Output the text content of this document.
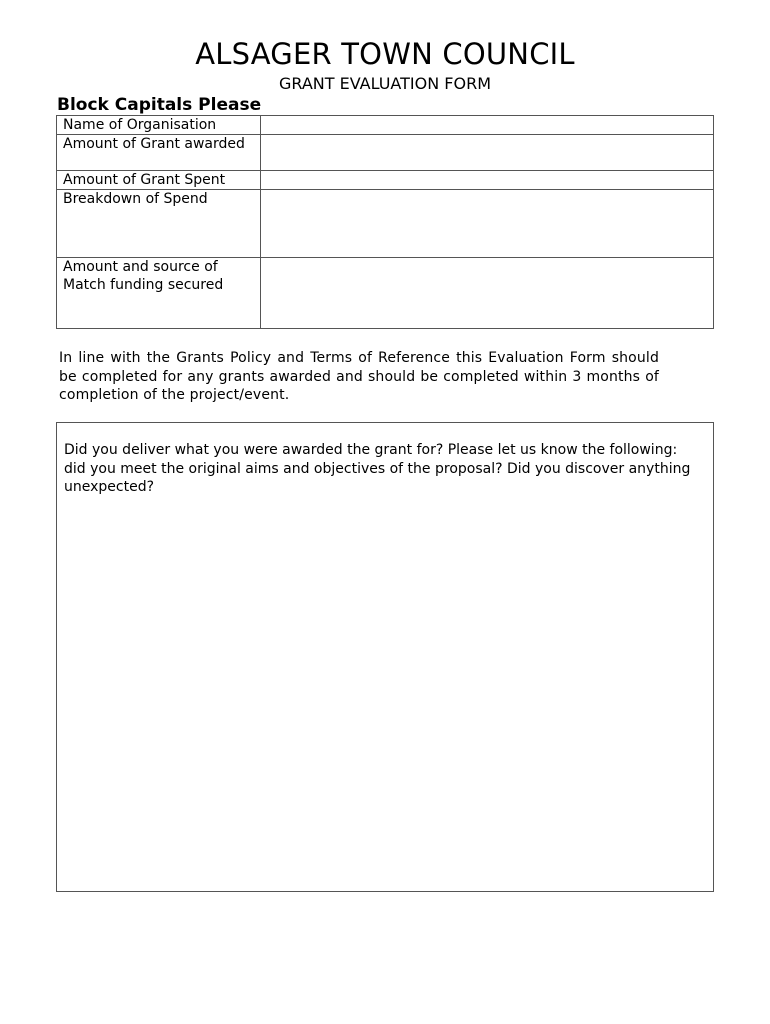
ALSAGER TOWN COUNCIL
GRANT EVALUATION FORM
Block Capitals Please
Name of Organisation	
Amount of Grant awarded	
Amount of Grant Spent	
Breakdown of Spend	
Amount and source of Match funding secured	
In line with the Grants Policy and Terms of Reference this Evaluation Form should be completed for any grants awarded and should be completed within 3 months of completion of the project/event.
Did you deliver what you were awarded the grant for? Please let us know the following: did you meet the original aims and objectives of the proposal? Did you discover anything unexpected?
